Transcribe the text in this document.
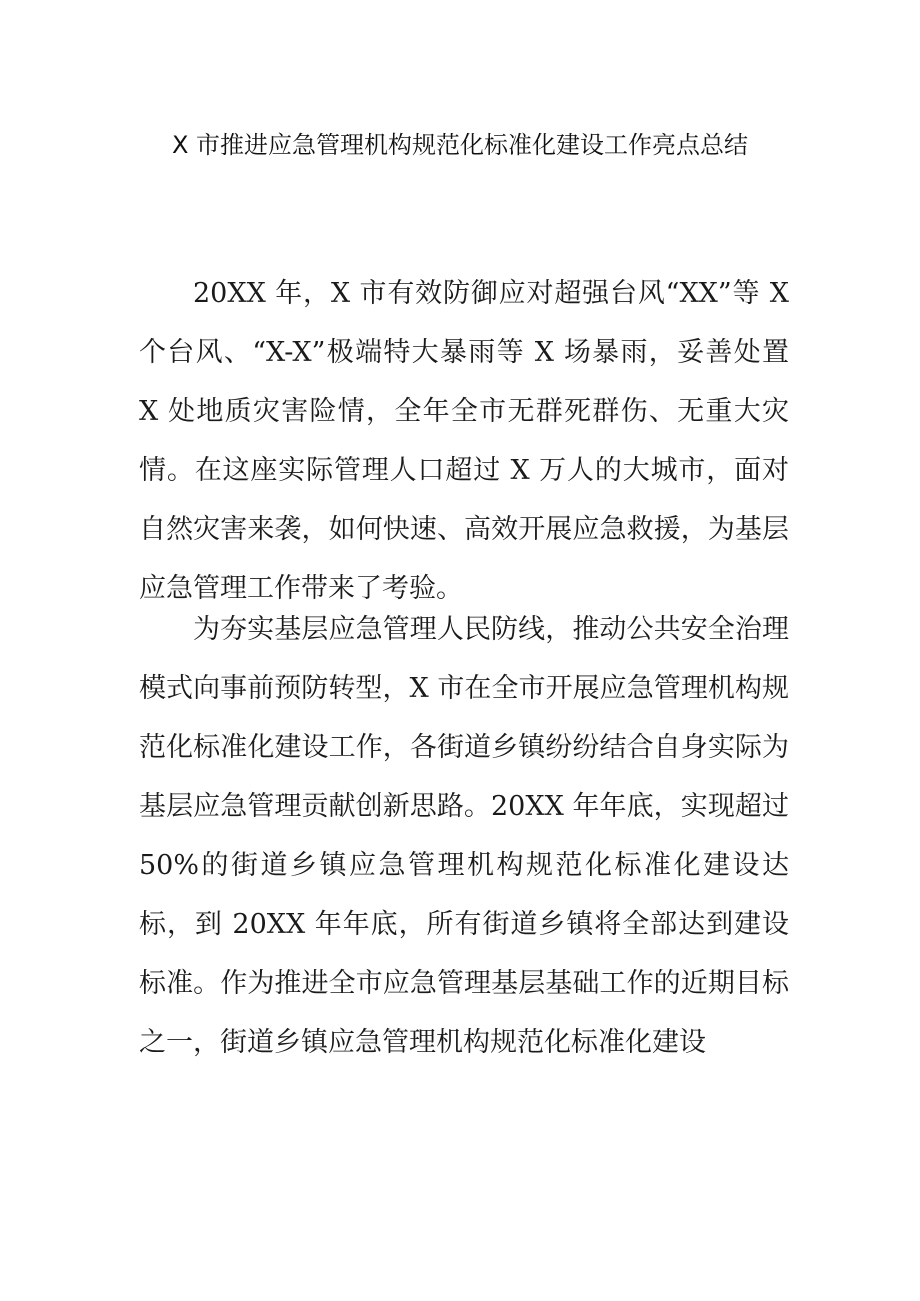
X 市推进应急管理机构规范化标准化建设工作亮点总结

20XX 年，X 市有效防御应对超强台风“XX”等 X 个台风、“X-X”极端特大暴雨等 X 场暴雨，妥善处置 X 处地质灾害险情，全年全市无群死群伤、无重大灾情。在这座实际管理人口超过 X 万人的大城市，面对自然灾害来袭，如何快速、高效开展应急救援，为基层应急管理工作带来了考验。

为夯实基层应急管理人民防线，推动公共安全治理模式向事前预防转型，X 市在全市开展应急管理机构规范化标准化建设工作，各街道乡镇纷纷结合自身实际为基层应急管理贡献创新思路。20XX 年年底，实现超过 50%的街道乡镇应急管理机构规范化标准化建设达标，到 20XX 年年底，所有街道乡镇将全部达到建设标准。作为推进全市应急管理基层基础工作的近期目标之一，街道乡镇应急管理机构规范化标准化建设
